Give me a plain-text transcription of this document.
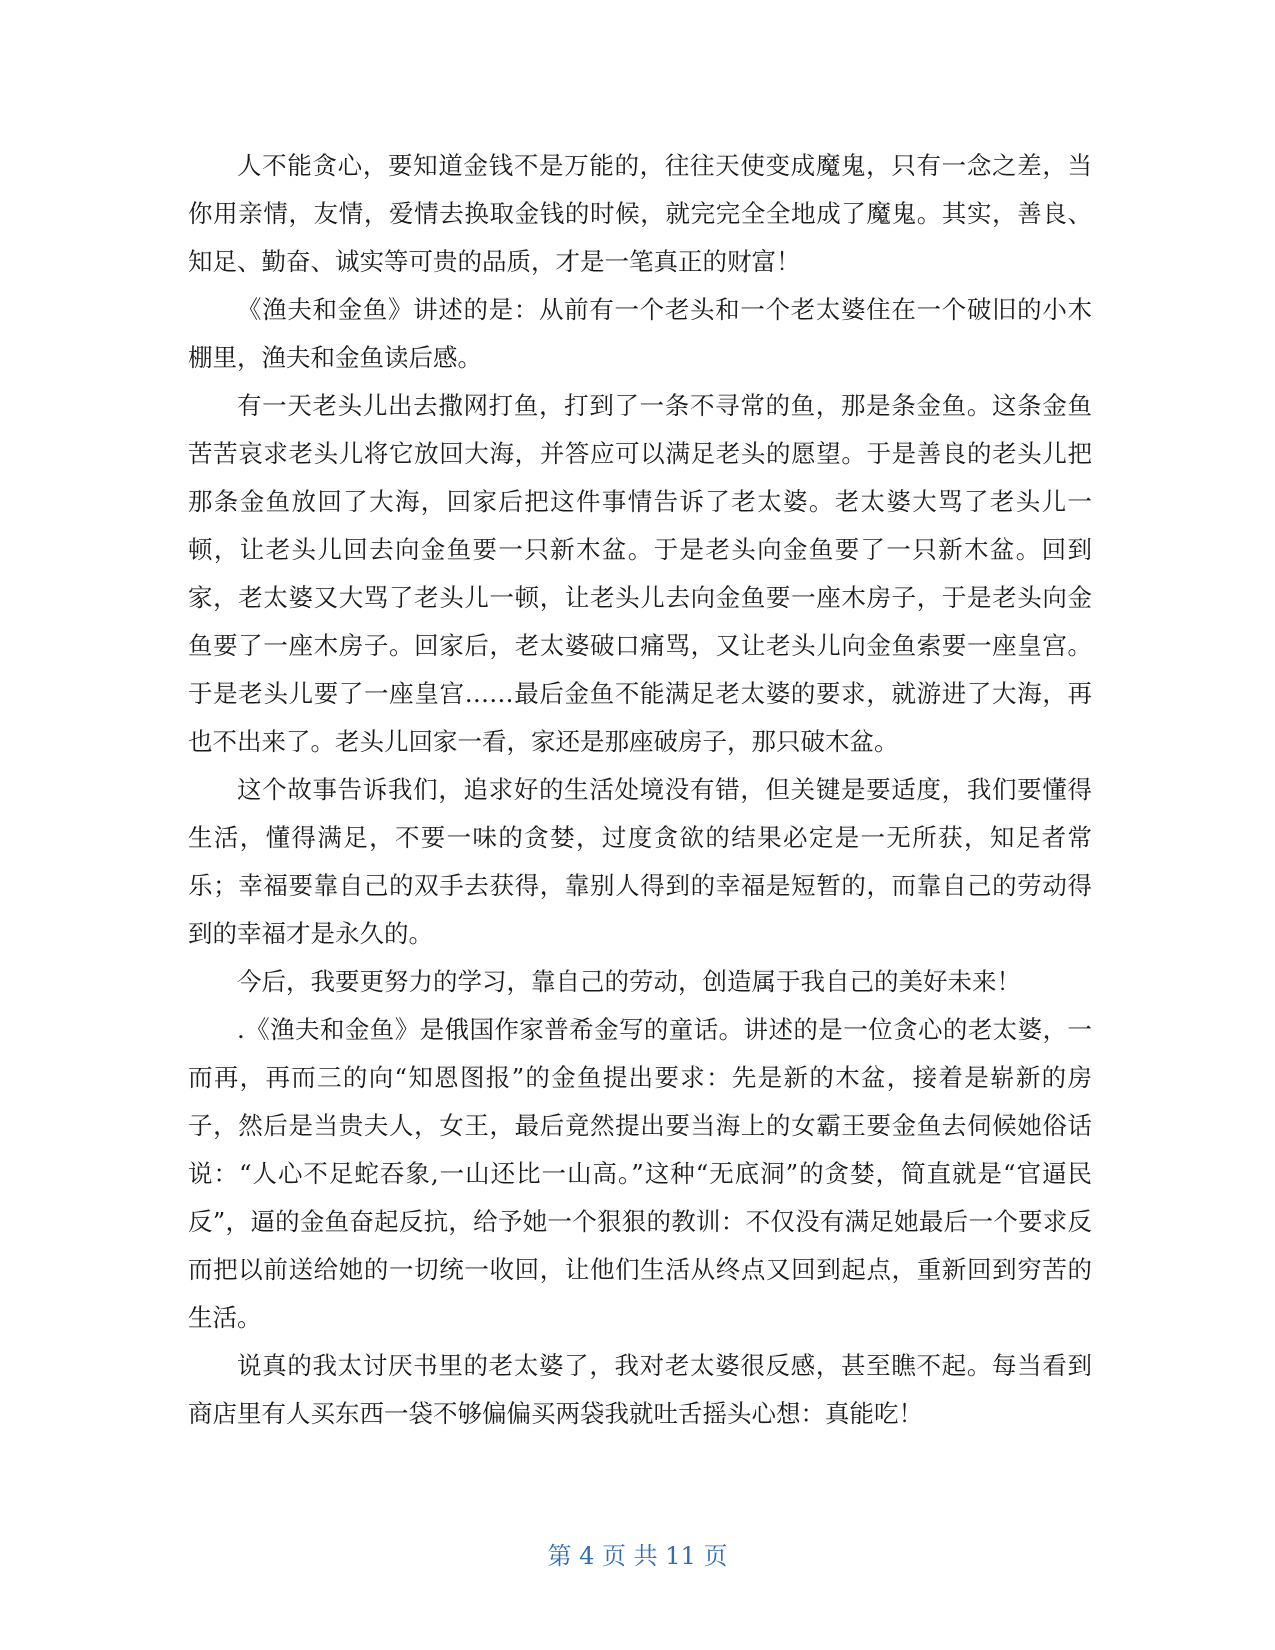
人不能贪心，要知道金钱不是万能的，往往天使变成魔鬼，只有一念之差，当你用亲情，友情，爱情去换取金钱的时候，就完完全全地成了魔鬼。其实，善良、知足、勤奋、诚实等可贵的品质，才是一笔真正的财富！

《渔夫和金鱼》讲述的是：从前有一个老头和一个老太婆住在一个破旧的小木棚里，渔夫和金鱼读后感。

有一天老头儿出去撒网打鱼，打到了一条不寻常的鱼，那是条金鱼。这条金鱼苦苦哀求老头儿将它放回大海，并答应可以满足老头的愿望。于是善良的老头儿把那条金鱼放回了大海，回家后把这件事情告诉了老太婆。老太婆大骂了老头儿一顿，让老头儿回去向金鱼要一只新木盆。于是老头向金鱼要了一只新木盆。回到家，老太婆又大骂了老头儿一顿，让老头儿去向金鱼要一座木房子，于是老头向金鱼要了一座木房子。回家后，老太婆破口痛骂，又让老头儿向金鱼索要一座皇宫。于是老头儿要了一座皇宫……最后金鱼不能满足老太婆的要求，就游进了大海，再也不出来了。老头儿回家一看，家还是那座破房子，那只破木盆。

这个故事告诉我们，追求好的生活处境没有错，但关键是要适度，我们要懂得生活，懂得满足，不要一味的贪婪，过度贪欲的结果必定是一无所获，知足者常乐；幸福要靠自己的双手去获得，靠别人得到的幸福是短暂的，而靠自己的劳动得到的幸福才是永久的。

今后，我要更努力的学习，靠自己的劳动，创造属于我自己的美好未来！

.《渔夫和金鱼》是俄国作家普希金写的童话。讲述的是一位贪心的老太婆，一而再，再而三的向“知恩图报”的金鱼提出要求：先是新的木盆，接着是崭新的房子，然后是当贵夫人，女王，最后竟然提出要当海上的女霸王要金鱼去伺候她俗话说：“人心不足蛇吞象,一山还比一山高。”这种“无底洞”的贪婪，简直就是“官逼民反”，逼的金鱼奋起反抗，给予她一个狠狠的教训：不仅没有满足她最后一个要求反而把以前送给她的一切统一收回，让他们生活从终点又回到起点，重新回到穷苦的生活。

说真的我太讨厌书里的老太婆了，我对老太婆很反感，甚至瞧不起。每当看到商店里有人买东西一袋不够偏偏买两袋我就吐舌摇头心想：真能吃！

第 4 页 共 11 页
